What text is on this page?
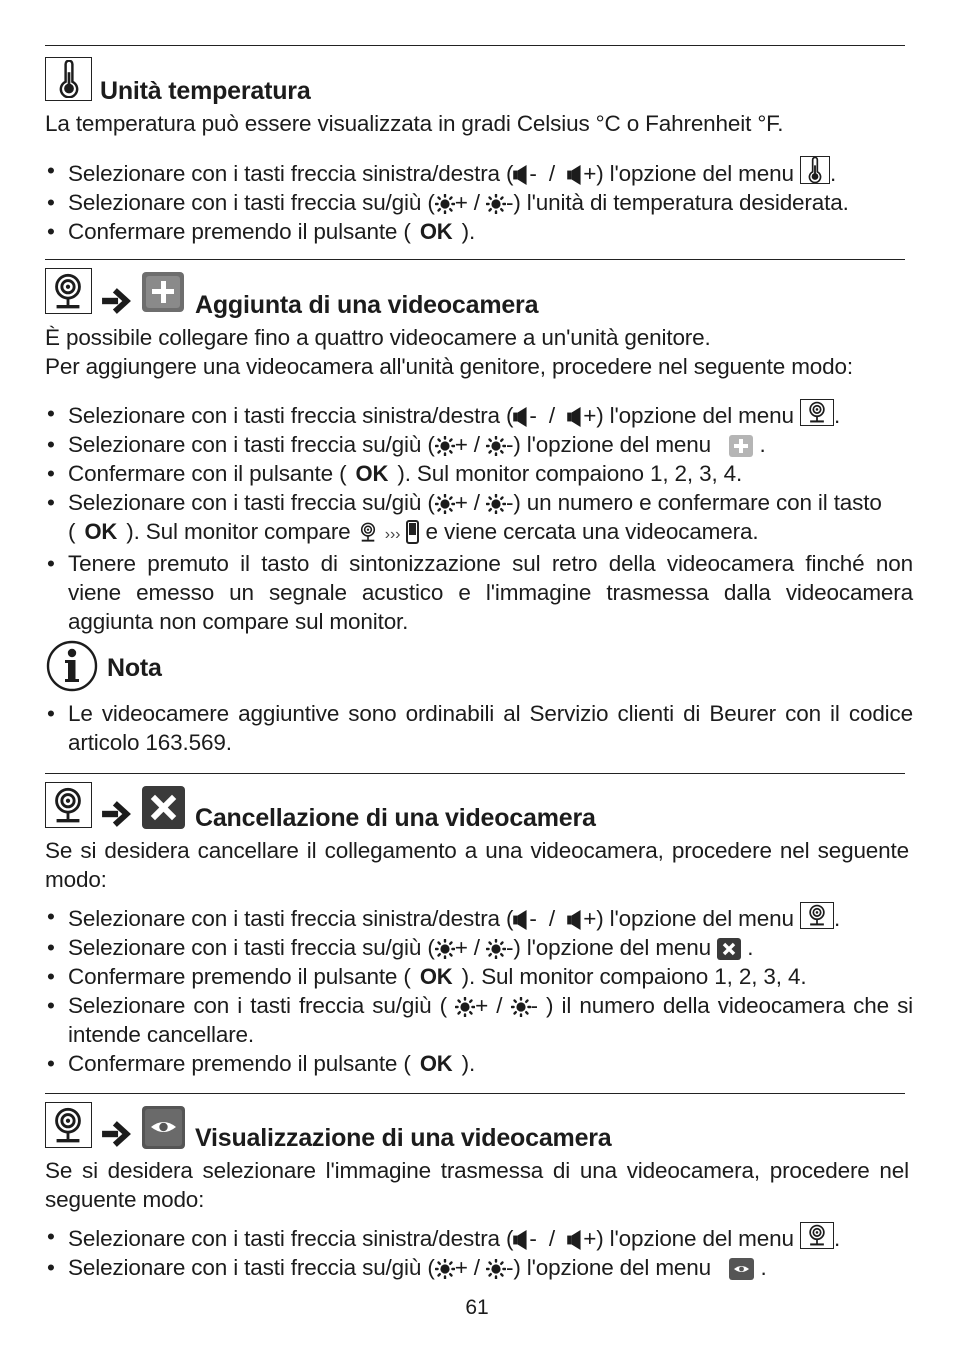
Unità temperatura

La temperatura può essere visualizzata in gradi Celsius °C o Fahrenheit °F.

• Selezionare con i tasti freccia sinistra/destra ( - / +) l'opzione del menu .
• Selezionare con i tasti freccia su/giù ( + / -) l'unità di temperatura desiderata.
• Confermare premendo il pulsante ( OK ).
Aggiunta di una videocamera

È possibile collegare fino a quattro videocamere a un'unità genitore.

Per aggiungere una videocamera all'unità genitore, procedere nel seguente modo:

• Selezionare con i tasti freccia sinistra/destra ( - / +) l'opzione del menu .
• Selezionare con i tasti freccia su/giù ( + / -) l'opzione del menu .
• Confermare con il pulsante ( OK ). Sul monitor compaiono 1, 2, 3, 4.
• Selezionare con i tasti freccia su/giù ( + / -) un numero e confermare con il tasto
( OK ). Sul monitor compare ››› e viene cercata una videocamera.
• Tenere premuto il tasto di sintonizzazione sul retro della videocamera finché non viene emesso un segnale acustico e l'immagine trasmessa dalla videocamera aggiunta non compare sul monitor.
Nota
• Le videocamere aggiuntive sono ordinabili al Servizio clienti di Beurer con il codice articolo 163.569.
Cancellazione di una videocamera

Se si desidera cancellare il collegamento a una videocamera, procedere nel seguente modo:

• Selezionare con i tasti freccia sinistra/destra ( - / +) l'opzione del menu .
• Selezionare con i tasti freccia su/giù ( + / -) l'opzione del menu .
• Confermare premendo il pulsante ( OK ). Sul monitor compaiono 1, 2, 3, 4.
• Selezionare con i tasti freccia su/giù ( + / - ) il numero della videocamera che si intende cancellare.
• Confermare premendo il pulsante ( OK ).
Visualizzazione di una videocamera

Se si desidera selezionare l'immagine trasmessa di una videocamera, procedere nel seguente modo:

• Selezionare con i tasti freccia sinistra/destra ( - / +) l'opzione del menu .
• Selezionare con i tasti freccia su/giù ( + / -) l'opzione del menu .
61
